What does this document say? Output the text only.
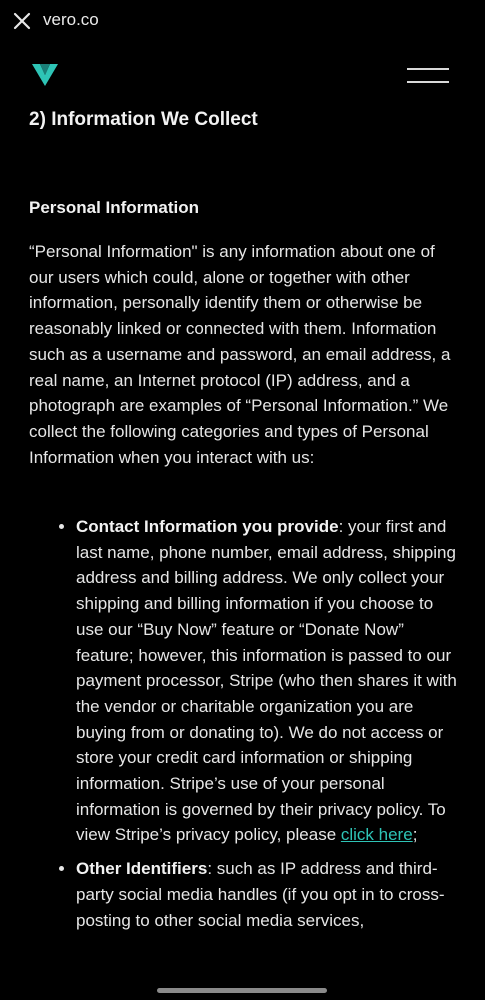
vero.co
2) Information We Collect
Personal Information

“Personal Information" is any information about one of our users which could, alone or together with other information, personally identify them or otherwise be reasonably linked or connected with them. Information such as a username and password, an email address, a real name, an Internet protocol (IP) address, and a photograph are examples of “Personal Information.” We collect the following categories and types of Personal Information when you interact with us:

Contact Information you provide: your first and last name, phone number, email address, shipping address and billing address. We only collect your shipping and billing information if you choose to use our “Buy Now” feature or “Donate Now” feature; however, this information is passed to our payment processor, Stripe (who then shares it with the vendor or charitable organization you are buying from or donating to). We do not access or store your credit card information or shipping information. Stripe’s use of your personal information is governed by their privacy policy. To view Stripe’s privacy policy, please click here;
Other Identifiers: such as IP address and third-party social media handles (if you opt in to cross-posting to other social media services,
